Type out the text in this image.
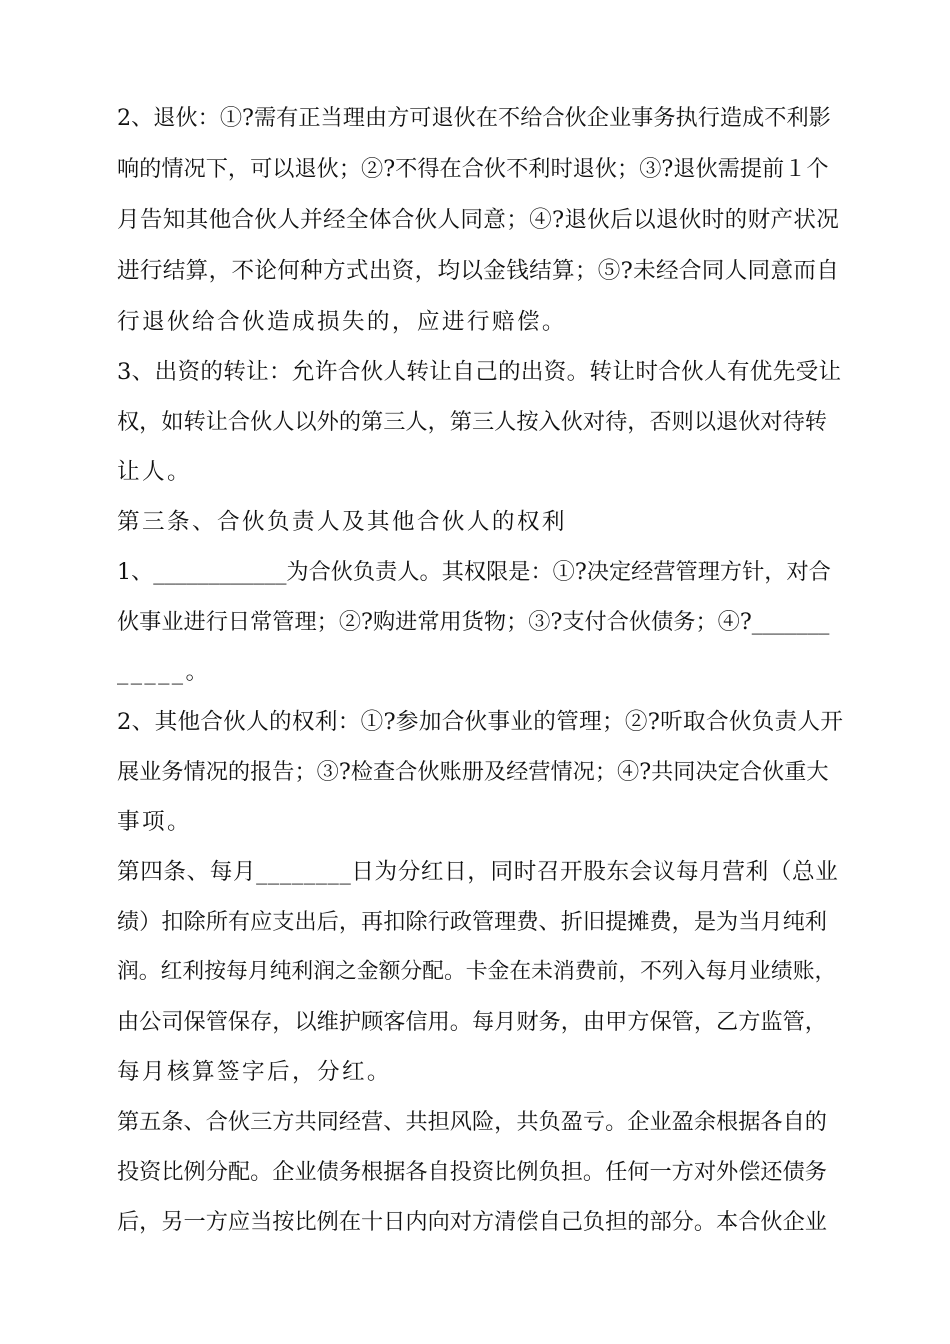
2、退伙：①?需有正当理由方可退伙在不给合伙企业事务执行造成不利影
响的情况下，可以退伙；②?不得在合伙不利时退伙；③?退伙需提前１个
月告知其他合伙人并经全体合伙人同意；④?退伙后以退伙时的财产状况
进行结算，不论何种方式出资，均以金钱结算；⑤?未经合同人同意而自
行退伙给合伙造成损失的，应进行赔偿。
3、出资的转让：允许合伙人转让自己的出资。转让时合伙人有优先受让
权，如转让合伙人以外的第三人，第三人按入伙对待，否则以退伙对待转
让人。
第三条、合伙负责人及其他合伙人的权利
1、____________为合伙负责人。其权限是：①?决定经营管理方针，对合
伙事业进行日常管理；②?购进常用货物；③?支付合伙债务；④?_______
_____。
2、其他合伙人的权利：①?参加合伙事业的管理；②?听取合伙负责人开
展业务情况的报告；③?检查合伙账册及经营情况；④?共同决定合伙重大
事项。
第四条、每月________日为分红日，同时召开股东会议每月营利（总业
绩）扣除所有应支出后，再扣除行政管理费、折旧提摊费，是为当月纯利
润。红利按每月纯利润之金额分配。卡金在未消费前，不列入每月业绩账，
由公司保管保存，以维护顾客信用。每月财务，由甲方保管，乙方监管，
每月核算签字后，分红。
第五条、合伙三方共同经营、共担风险，共负盈亏。企业盈余根据各自的
投资比例分配。企业债务根据各自投资比例负担。任何一方对外偿还债务
后，另一方应当按比例在十日内向对方清偿自己负担的部分。本合伙企业
